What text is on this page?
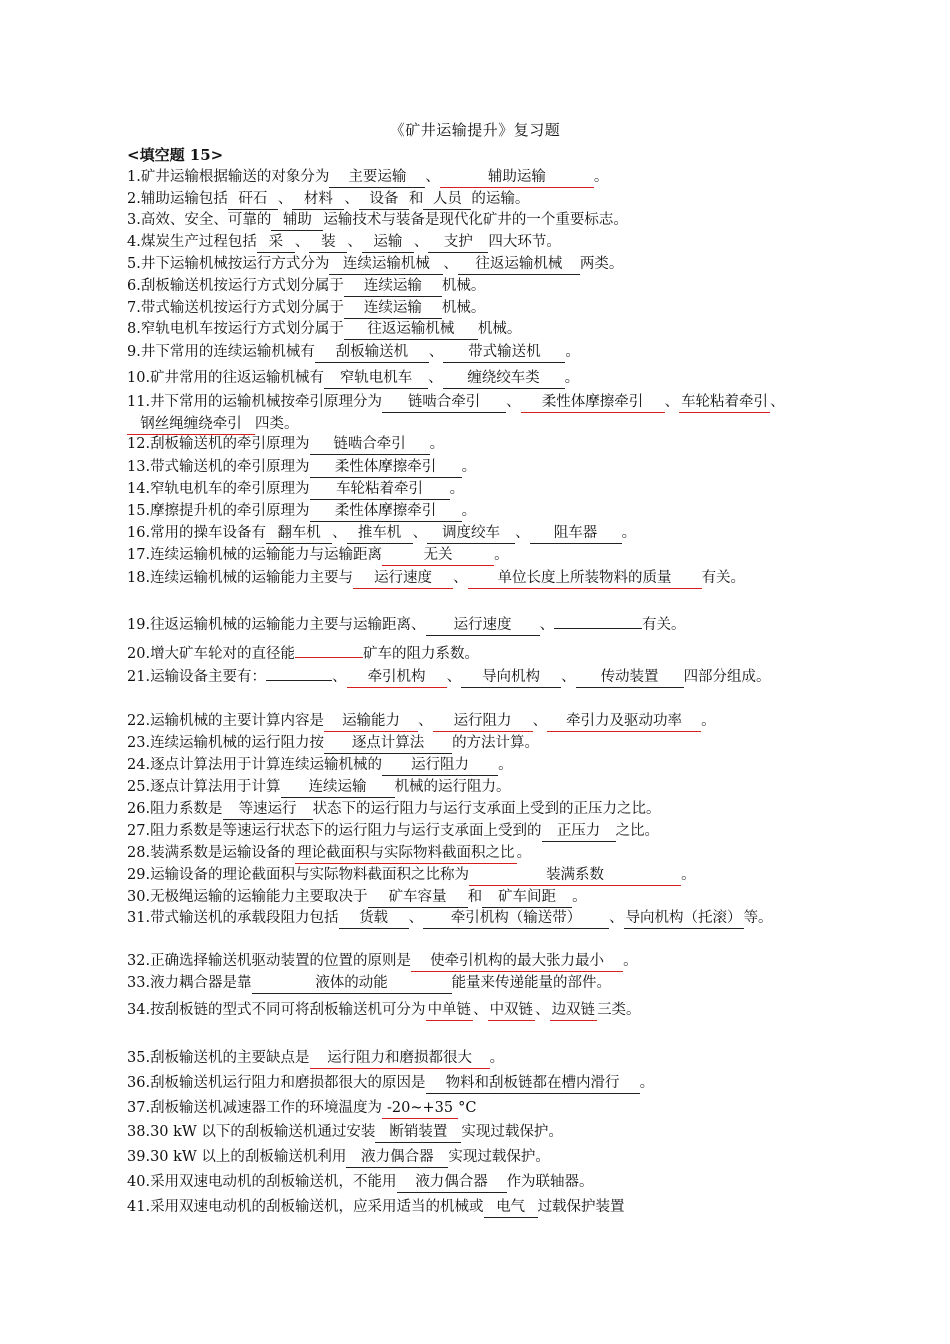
《矿井运输提升》复习题
<填空题 15>
1.矿井运输根据输送的对象分为 主要运输 、	辅助运输	。
2.辅助运输包括 矸石 、 材料 、 设备 和 人员 的运输。
3.高效、安全、可靠的 辅助 运输技术与装备是现代化矿井的一个重要标志。
4.煤炭生产过程包括 采 、 装 、 运输 、 支护 四大环节。
5.井下运输机械按运行方式分为 连续运输机械 、 往返运输机械 两类。
6.刮板输送机按运行方式划分属于 连续运输 机械。
7.带式输送机按运行方式划分属于 连续运输 机械。
8.窄轨电机车按运行方式划分属于 往返运输机械 机械。
9.井下常用的连续运输机械有 刮板输送机 、 带式输送机 。
10.矿井常用的往返运输机械有 窄轨电机车 、 缠绕绞车类 。
11.井下常用的运输机械按牵引原理分为 链啮合牵引 、 柔性体摩擦牵引 、 车轮粘着牵引 、钢丝绳缠绕牵引 四类。
12.刮板输送机的牵引原理为 链啮合牵引 。
13.带式输送机的牵引原理为 柔性体摩擦牵引 。
14.窄轨电机车的牵引原理为 车轮粘着牵引 。
15.摩擦提升机的牵引原理为 柔性体摩擦牵引 。
16.常用的操车设备有 翻车机 、 推车机 、 调度绞车 、 阻车器 。
17.连续运输机械的运输能力与运输距离	无关	。
18.连续运输机械的运输能力主要与 运行速度 、 单位长度上所装物料的质量 有关。
19.往返运输机械的运输能力主要与运输距离、 运行速度 、	有关。
20.增大矿车轮对的直径能	矿车的阻力系数。
21.运输设备主要有：	、 牵引机构 、 导向机构 、 传动装置 四部分组成。
22.运输机械的主要计算内容是 运输能力 、 运行阻力 、 牵引力及驱动功率 。
23.连续运输机械的运行阻力按 逐点计算法 的方法计算。
24.逐点计算法用于计算连续运输机械的 运行阻力 。
25.逐点计算法用于计算 连续运输 机械的运行阻力。
26.阻力系数是 等速运行 状态下的运行阻力与运行支承面上受到的正压力之比。
27.阻力系数是等速运行状态下的运行阻力与运行支承面上受到的 正压力 之比。
28.装满系数是运输设备的 理论截面积与实际物料截面积之比 。
29.运输设备的理论截面积与实际物料截面积之比称为	装满系数	。
30.无极绳运输的运输能力主要取决于 矿车容量 和 矿车间距 。
31.带式输送机的承载段阻力包括 货载 、 牵引机构（输送带） 、 导向机构（托滚） 等。
32.正确选择输送机驱动装置的位置的原则是 使牵引机构的最大张力最小 。
33.液力耦合器是靠	液体的动能	能量来传递能量的部件。
34.按刮板链的型式不同可将刮板输送机可分为 中单链 、 中双链 、 边双链 三类。
35.刮板输送机的主要缺点是 运行阻力和磨损都很大 。
36.刮板输送机运行阻力和磨损都很大的原因是 物料和刮板链都在槽内滑行 。
37.刮板输送机减速器工作的环境温度为 -20~+35 °C
38.30 kW 以下的刮板输送机通过安装 断销装置 实现过载保护。
39.30 kW 以上的刮板输送机利用 液力偶合器 实现过载保护。
40.采用双速电动机的刮板输送机，不能用 液力偶合器 作为联轴器。
41.采用双速电动机的刮板输送机，应采用适当的机械或 电气 过载保护装置
